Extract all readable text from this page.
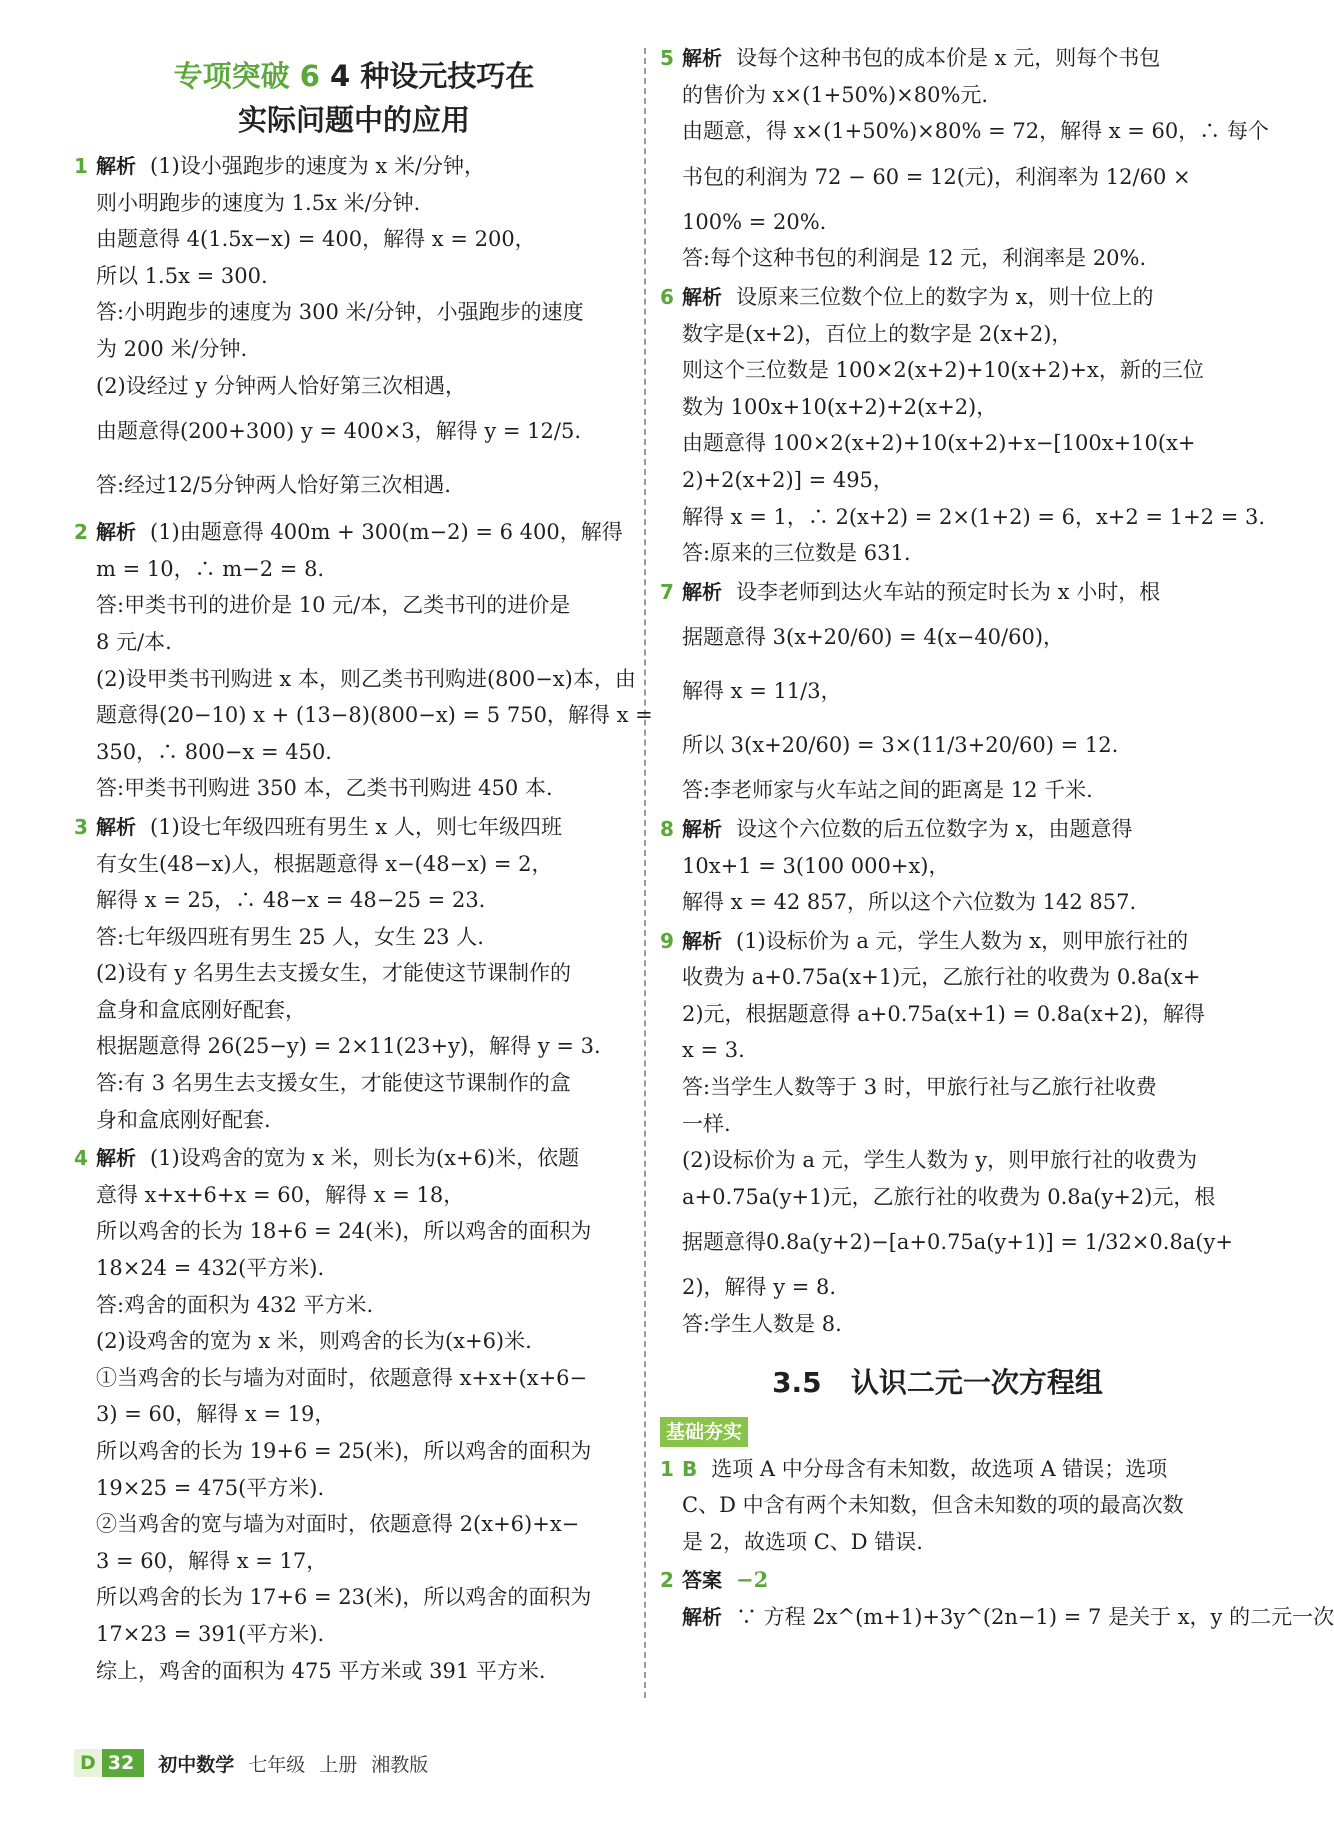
专项突破 6 4 种设元技巧在
实际问题中的应用
1 解析 (1)设小强跑步的速度为 x 米/分钟，
则小明跑步的速度为 1.5x 米/分钟.
由题意得 4(1.5x−x) = 400，解得 x = 200，
所以 1.5x = 300.
答:小明跑步的速度为 300 米/分钟，小强跑步的速度
为 200 米/分钟.
(2)设经过 y 分钟两人恰好第三次相遇，
由题意得(200+300) y = 400×3，解得 y = 12/5.
答:经过12/5分钟两人恰好第三次相遇.
2 解析 (1)由题意得 400m + 300(m−2) = 6 400，解得
m = 10，∴ m−2 = 8.
答:甲类书刊的进价是 10 元/本，乙类书刊的进价是
8 元/本.
(2)设甲类书刊购进 x 本，则乙类书刊购进(800−x)本，由
题意得(20−10) x + (13−8)(800−x) = 5 750，解得 x =
350，∴ 800−x = 450.
答:甲类书刊购进 350 本，乙类书刊购进 450 本.
3 解析 (1)设七年级四班有男生 x 人，则七年级四班
有女生(48−x)人，根据题意得 x−(48−x) = 2，
解得 x = 25，∴ 48−x = 48−25 = 23.
答:七年级四班有男生 25 人，女生 23 人.
(2)设有 y 名男生去支援女生，才能使这节课制作的
盒身和盒底刚好配套，
根据题意得 26(25−y) = 2×11(23+y)，解得 y = 3.
答:有 3 名男生去支援女生，才能使这节课制作的盒
身和盒底刚好配套.
4 解析 (1)设鸡舍的宽为 x 米，则长为(x+6)米，依题
意得 x+x+6+x = 60，解得 x = 18，
所以鸡舍的长为 18+6 = 24(米)，所以鸡舍的面积为
18×24 = 432(平方米).
答:鸡舍的面积为 432 平方米.
(2)设鸡舍的宽为 x 米，则鸡舍的长为(x+6)米.
①当鸡舍的长与墙为对面时，依题意得 x+x+(x+6−
3) = 60，解得 x = 19，
所以鸡舍的长为 19+6 = 25(米)，所以鸡舍的面积为
19×25 = 475(平方米).
②当鸡舍的宽与墙为对面时，依题意得 2(x+6)+x−
3 = 60，解得 x = 17，
所以鸡舍的长为 17+6 = 23(米)，所以鸡舍的面积为
17×23 = 391(平方米).
综上，鸡舍的面积为 475 平方米或 391 平方米.
5 解析 设每个这种书包的成本价是 x 元，则每个书包
的售价为 x×(1+50%)×80%元.
由题意，得 x×(1+50%)×80% = 72，解得 x = 60，∴ 每个
书包的利润为 72 − 60 = 12(元)，利润率为 12/60 ×
100% = 20%.
答:每个这种书包的利润是 12 元，利润率是 20%.
6 解析 设原来三位数个位上的数字为 x，则十位上的
数字是(x+2)，百位上的数字是 2(x+2)，
则这个三位数是 100×2(x+2)+10(x+2)+x，新的三位
数为 100x+10(x+2)+2(x+2)，
由题意得 100×2(x+2)+10(x+2)+x−[100x+10(x+
2)+2(x+2)] = 495，
解得 x = 1，∴ 2(x+2) = 2×(1+2) = 6，x+2 = 1+2 = 3.
答:原来的三位数是 631.
7 解析 设李老师到达火车站的预定时长为 x 小时，根
据题意得 3(x+20/60) = 4(x−40/60)，
解得 x = 11/3，
所以 3(x+20/60) = 3×(11/3+20/60) = 12.
答:李老师家与火车站之间的距离是 12 千米.
8 解析 设这个六位数的后五位数字为 x，由题意得
10x+1 = 3(100 000+x)，
解得 x = 42 857，所以这个六位数为 142 857.
9 解析 (1)设标价为 a 元，学生人数为 x，则甲旅行社的
收费为 a+0.75a(x+1)元，乙旅行社的收费为 0.8a(x+
2)元，根据题意得 a+0.75a(x+1) = 0.8a(x+2)，解得
x = 3.
答:当学生人数等于 3 时，甲旅行社与乙旅行社收费
一样.
(2)设标价为 a 元，学生人数为 y，则甲旅行社的收费为
a+0.75a(y+1)元，乙旅行社的收费为 0.8a(y+2)元，根
据题意得0.8a(y+2)−[a+0.75a(y+1)] = 1/32×0.8a(y+
2)，解得 y = 8.
答:学生人数是 8.
3.5 认识二元一次方程组
基础夯实
1 B 选项 A 中分母含有未知数，故选项 A 错误；选项
C、D 中含有两个未知数，但含未知数的项的最高次数
是 2，故选项 C、D 错误.
2 答案 −2
解析 ∵ 方程 2x^(m+1)+3y^(2n−1) = 7 是关于 x，y 的二元一次
D 32	初中数学 七年级 上册 湘教版
